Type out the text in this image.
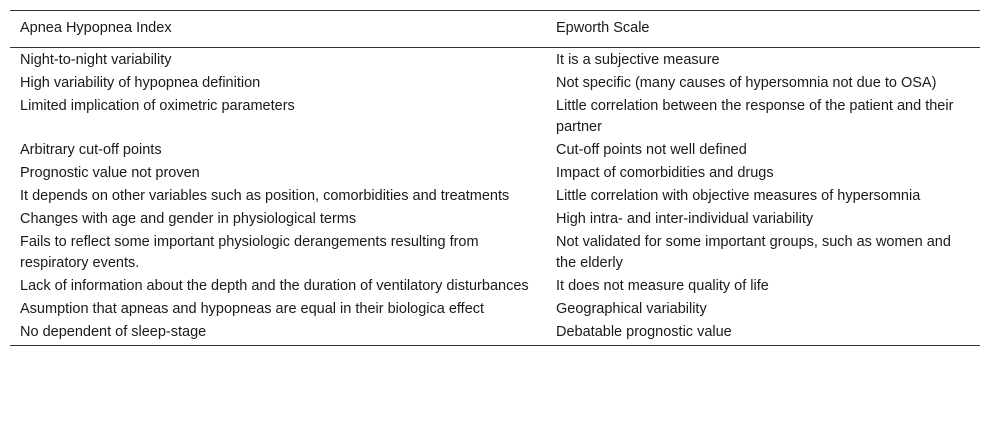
Apnea Hypopnea Index	Epworth Scale
Night-to-night variability	It is a subjective measure
High variability of hypopnea definition	Not specific (many causes of hypersomnia not due to OSA)
Limited implication of oximetric parameters	Little correlation between the response of the patient and their partner
Arbitrary cut-off points	Cut-off points not well defined
Prognostic value not proven	Impact of comorbidities and drugs
It depends on other variables such as position, comorbidities and treatments	Little correlation with objective measures of hypersomnia
Changes with age and gender in physiological terms	High intra- and inter-individual variability
Fails to reflect some important physiologic derangements resulting from respiratory events.	Not validated for some important groups, such as women and the elderly
Lack of information about the depth and the duration of ventilatory disturbances	It does not measure quality of life
Asumption that apneas and hypopneas are equal in their biologica effect	Geographical variability
No dependent of sleep-stage	Debatable prognostic value
